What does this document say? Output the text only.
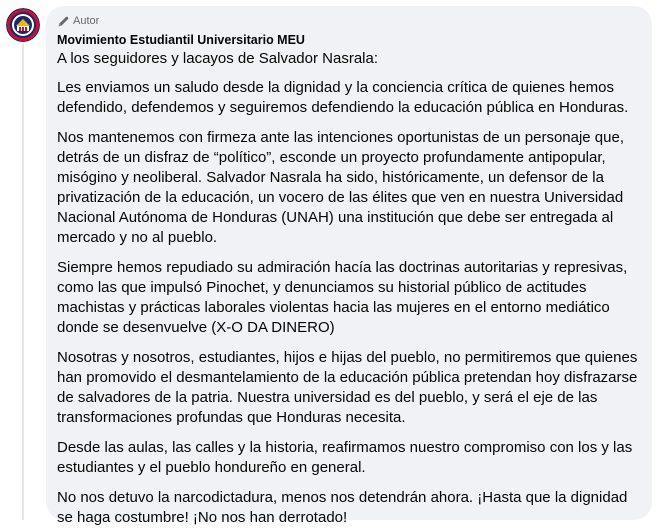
Autor
Movimiento Estudiantil Universitario MEU

A los seguidores y lacayos de Salvador Nasrala:

Les enviamos un saludo desde la dignidad y la conciencia crítica de quienes hemos
defendido, defendemos y seguiremos defendiendo la educación pública en Honduras.

Nos mantenemos con firmeza ante las intenciones oportunistas de un personaje que,
detrás de un disfraz de “político”, esconde un proyecto profundamente antipopular,
misógino y neoliberal. Salvador Nasrala ha sido, históricamente, un defensor de la
privatización de la educación, un vocero de las élites que ven en nuestra Universidad
Nacional Autónoma de Honduras (UNAH) una institución que debe ser entregada al
mercado y no al pueblo.

Siempre hemos repudiado su admiración hacía las doctrinas autoritarias y represivas,
como las que impulsó Pinochet, y denunciamos su historial público de actitudes
machistas y prácticas laborales violentas hacia las mujeres en el entorno mediático
donde se desenvuelve (X-O DA DINERO)

Nosotras y nosotros, estudiantes, hijos e hijas del pueblo, no permitiremos que quienes
han promovido el desmantelamiento de la educación pública pretendan hoy disfrazarse
de salvadores de la patria. Nuestra universidad es del pueblo, y será el eje de las
transformaciones profundas que Honduras necesita.

Desde las aulas, las calles y la historia, reafirmamos nuestro compromiso con los y las
estudiantes y el pueblo hondureño en general.

No nos detuvo la narcodictadura, menos nos detendrán ahora. ¡Hasta que la dignidad
se haga costumbre! ¡No nos han derrotado!
